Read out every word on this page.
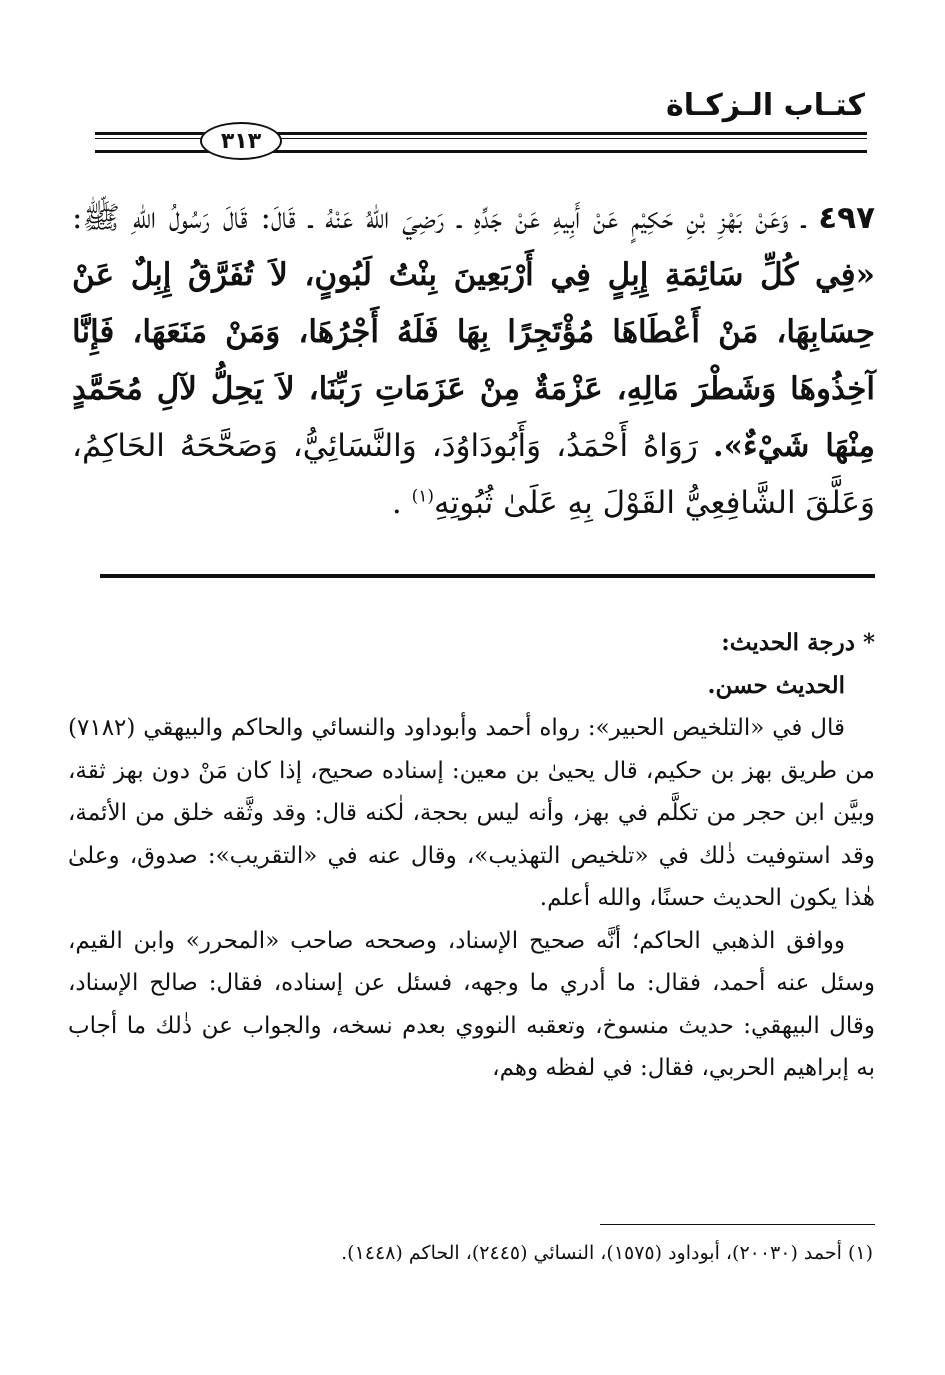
كتـاب الـزكـاة
٣١٣
٤٩٧ ـ وَعَنْ بَهْزِ بْنِ حَكِيْمٍ عَنْ أَبِيهِ عَنْ جَدِّهِ ـ رَضِيَ اللهُ عَنْهُ ـ قَالَ: قَالَ رَسُولُ اللهِ ﷺ: «فِي كُلِّ سَائِمَةِ إِبِلٍ فِي أَرْبَعِينَ بِنْتُ لَبُونٍ، لاَ تُفَرَّقُ إِبِلٌ عَنْ حِسَابِهَا، مَنْ أَعْطَاهَا مُؤْتَجِرًا بِهَا فَلَهُ أَجْرُهَا، وَمَنْ مَنَعَهَا، فَإِنَّا آخِذُوهَا وَشَطْرَ مَالِهِ، عَزْمَةٌ مِنْ عَزَمَاتِ رَبِّنَا، لاَ يَحِلُّ لآلِ مُحَمَّدٍ مِنْهَا شَيْءٌ». رَوَاهُ أَحْمَدُ، وَأَبُودَاوُدَ، وَالنَّسَائِيُّ، وَصَحَّحَهُ الحَاكِمُ، وَعَلَّقَ الشَّافِعِيُّ القَوْلَ بِهِ عَلَىٰ ثُبُوتِهِ$^{(١)}$ .

* درجة الحديث:

الحديث حسن.

قال في «التلخيص الحبير»: رواه أحمد وأبوداود والنسائي والحاكم والبيهقي (٧١٨٢) من طريق بهز بن حكيم، قال يحيىٰ بن معين: إسناده صحيح، إذا كان مَنْ دون بهز ثقة، وبيَّن ابن حجر من تكلَّم في بهز، وأنه ليس بحجة، لٰكنه قال: وقد وثَّقه خلق من الأئمة، وقد استوفيت ذٰلك في «تلخيص التهذيب»، وقال عنه في «التقريب»: صدوق، وعلىٰ هٰذا يكون الحديث حسنًا، والله أعلم.

ووافق الذهبي الحاكم؛ أنَّه صحيح الإسناد، وصححه صاحب «المحرر» وابن القيم، وسئل عنه أحمد، فقال: ما أدري ما وجهه، فسئل عن إسناده، فقال: صالح الإسناد، وقال البيهقي: حديث منسوخ، وتعقبه النووي بعدم نسخه، والجواب عن ذٰلك ما أجاب به إبراهيم الحربي، فقال: في لفظه وهم،

(١) أحمد (٢٠٠٣٠)، أبوداود (١٥٧٥)، النسائي (٢٤٤٥)، الحاكم (١٤٤٨).
